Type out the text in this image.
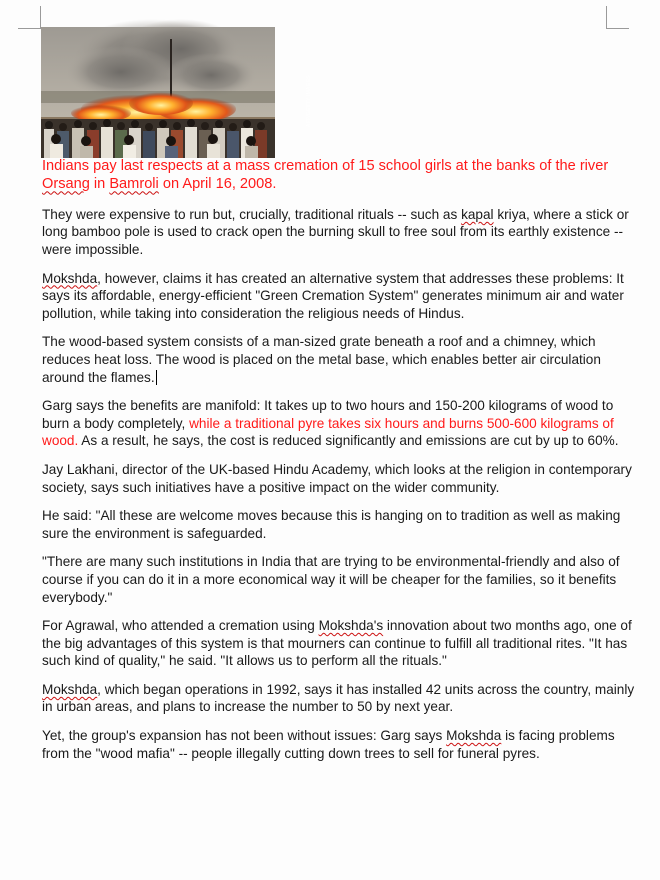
AFP/GETTY IMAGES

Indians pay last respects at a mass cremation of 15 school girls at the banks of the river Orsang in Bamroli on April 16, 2008.

They were expensive to run but, crucially, traditional rituals -- such as kapal kriya, where a stick or long bamboo pole is used to crack open the burning skull to free soul from its earthly existence -- were impossible.

Mokshda, however, claims it has created an alternative system that addresses these problems: It says its affordable, energy-efficient "Green Cremation System" generates minimum air and water pollution, while taking into consideration the religious needs of Hindus.

The wood-based system consists of a man-sized grate beneath a roof and a chimney, which reduces heat loss. The wood is placed on the metal base, which enables better air circulation around the flames.

Garg says the benefits are manifold: It takes up to two hours and 150-200 kilograms of wood to burn a body completely, while a traditional pyre takes six hours and burns 500-600 kilograms of wood. As a result, he says, the cost is reduced significantly and emissions are cut by up to 60%.

Jay Lakhani, director of the UK-based Hindu Academy, which looks at the religion in contemporary society, says such initiatives have a positive impact on the wider community.

He said: "All these are welcome moves because this is hanging on to tradition as well as making sure the environment is safeguarded.

"There are many such institutions in India that are trying to be environmental-friendly and also of course if you can do it in a more economical way it will be cheaper for the families, so it benefits everybody."

For Agrawal, who attended a cremation using Mokshda's innovation about two months ago, one of the big advantages of this system is that mourners can continue to fulfill all traditional rites. "It has such kind of quality," he said. "It allows us to perform all the rituals."

Mokshda, which began operations in 1992, says it has installed 42 units across the country, mainly in urban areas, and plans to increase the number to 50 by next year.

Yet, the group's expansion has not been without issues: Garg says Mokshda is facing problems from the "wood mafia" -- people illegally cutting down trees to sell for funeral pyres.
